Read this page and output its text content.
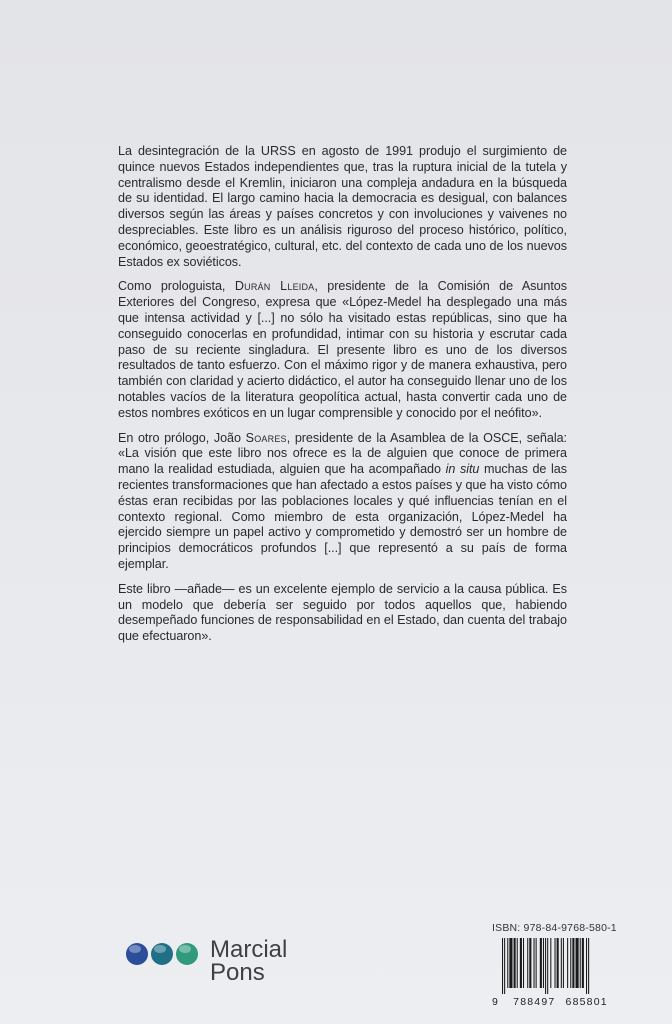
La desintegración de la URSS en agosto de 1991 produjo el surgimiento de quince nuevos Estados independientes que, tras la ruptura inicial de la tutela y centralismo desde el Kremlin, iniciaron una compleja andadura en la búsqueda de su identidad. El largo camino hacia la democracia es desigual, con balances diversos según las áreas y países concretos y con involuciones y vaivenes no despreciables. Este libro es un análisis riguroso del proceso histórico, político, económico, geoestratégico, cultural, etc. del contexto de cada uno de los nuevos Estados ex soviéticos.

Como prologuista, Durán Lleida, presidente de la Comisión de Asuntos Exteriores del Congreso, expresa que «López-Medel ha desplegado una más que intensa actividad y [...] no sólo ha visitado estas repúblicas, sino que ha conseguido conocerlas en profundidad, intimar con su historia y escrutar cada paso de su reciente singladura. El presente libro es uno de los diversos resultados de tanto esfuerzo. Con el máximo rigor y de manera exhaustiva, pero también con claridad y acierto didáctico, el autor ha conseguido llenar uno de los notables vacíos de la literatura geopolítica actual, hasta convertir cada uno de estos nombres exóticos en un lugar comprensible y conocido por el neófito».

En otro prólogo, João Soares, presidente de la Asamblea de la OSCE, señala: «La visión que este libro nos ofrece es la de alguien que conoce de primera mano la realidad estudiada, alguien que ha acompañado in situ muchas de las recientes transformaciones que han afectado a estos países y que ha visto cómo éstas eran recibidas por las poblaciones locales y qué influencias tenían en el contexto regional. Como miembro de esta organización, López-Medel ha ejercido siempre un papel activo y comprometido y demostró ser un hombre de principios democráticos profundos [...] que representó a su país de forma ejemplar.

Este libro —añade— es un excelente ejemplo de servicio a la causa pública. Es un modelo que debería ser seguido por todos aquellos que, habiendo desempeñado funciones de responsabilidad en el Estado, dan cuenta del trabajo que efectuaron».

Marcial
Pons
ISBN: 978-84-9768-580-1
9 788497 685801
